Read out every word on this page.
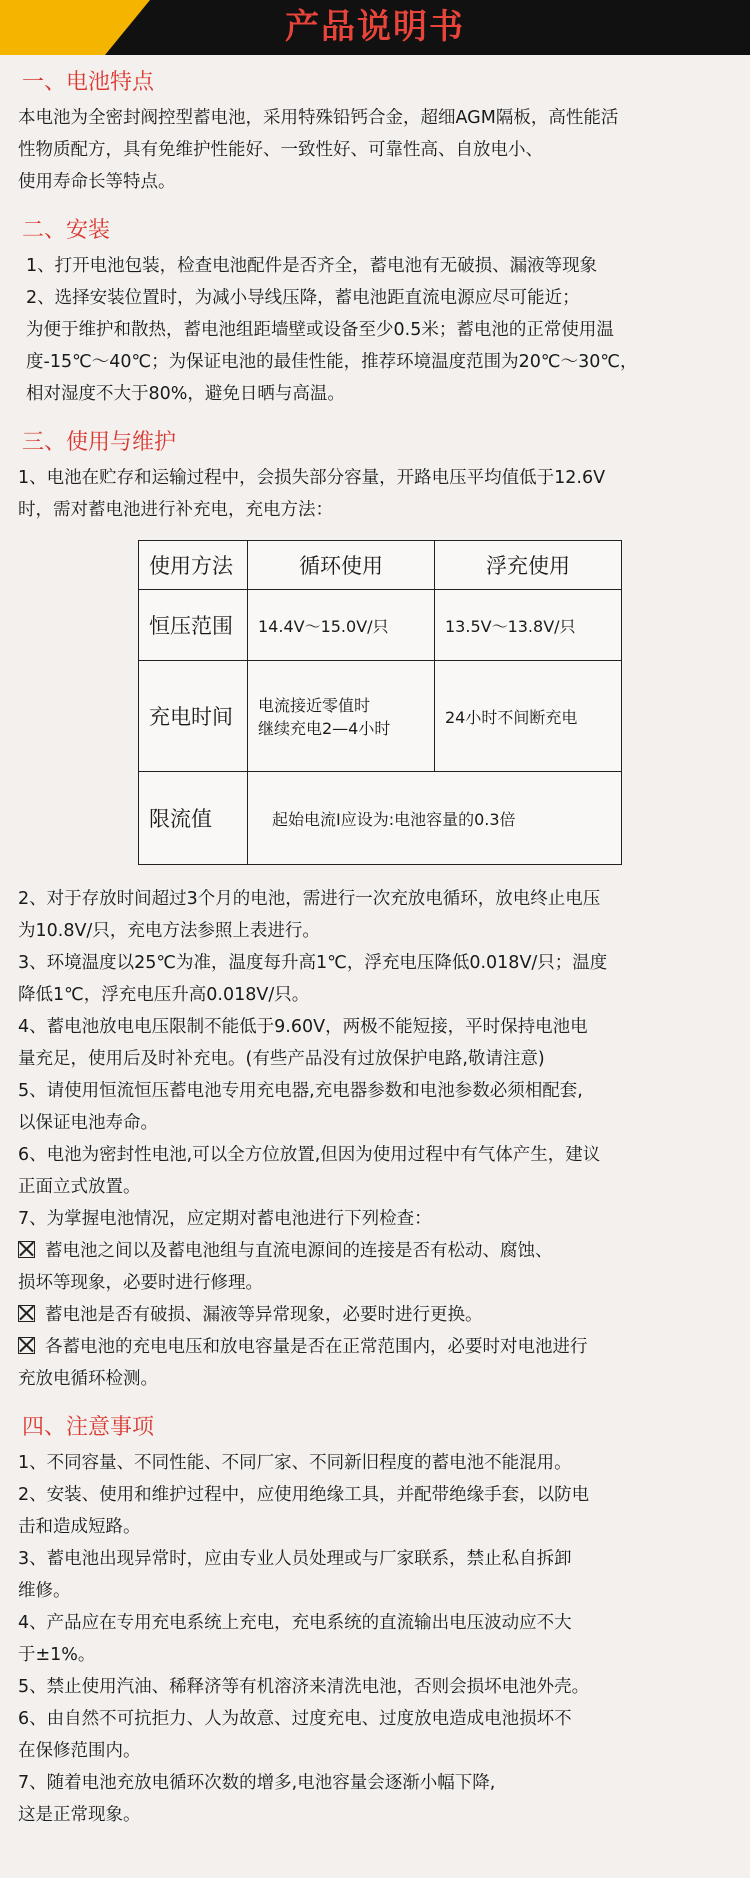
产品说明书
一、电池特点

本电池为全密封阀控型蓄电池，采用特殊铅钙合金，超细AGM隔板，高性能活

性物质配方，具有免维护性能好、一致性好、可靠性高、自放电小、

使用寿命长等特点。

二、安装

1、打开电池包装，检查电池配件是否齐全，蓄电池有无破损、漏液等现象

2、选择安装位置时，为减小导线压降，蓄电池距直流电源应尽可能近；

为便于维护和散热，蓄电池组距墙壁或设备至少0.5米；蓄电池的正常使用温

度-15℃～40℃；为保证电池的最佳性能，推荐环境温度范围为20℃～30℃，

相对湿度不大于80%，避免日晒与高温。

三、使用与维护

1、电池在贮存和运输过程中，会损失部分容量，开路电压平均值低于12.6V

时，需对蓄电池进行补充电，充电方法：

使用方法	循环使用	浮充使用
恒压范围	14.4V～15.0V/只	13.5V～13.8V/只
充电时间	电流接近零值时
继续充电2—4小时	24小时不间断充电
限流值	起始电流I应设为:电池容量的0.3倍	

2、对于存放时间超过3个月的电池，需进行一次充放电循环，放电终止电压

为10.8V/只，充电方法参照上表进行。

3、环境温度以25℃为准，温度每升高1℃，浮充电压降低0.018V/只；温度

降低1℃，浮充电压升高0.018V/只。

4、蓄电池放电电压限制不能低于9.60V，两极不能短接，平时保持电池电

量充足，使用后及时补充电。(有些产品没有过放保护电路,敬请注意)

5、请使用恒流恒压蓄电池专用充电器,充电器参数和电池参数必须相配套,

以保证电池寿命。

6、电池为密封性电池,可以全方位放置,但因为使用过程中有气体产生，建议

正面立式放置。

7、为掌握电池情况，应定期对蓄电池进行下列检查：

蓄电池之间以及蓄电池组与直流电源间的连接是否有松动、腐蚀、

损坏等现象，必要时进行修理。

蓄电池是否有破损、漏液等异常现象，必要时进行更换。

各蓄电池的充电电压和放电容量是否在正常范围内，必要时对电池进行

充放电循环检测。

四、注意事项

1、不同容量、不同性能、不同厂家、不同新旧程度的蓄电池不能混用。

2、安装、使用和维护过程中，应使用绝缘工具，并配带绝缘手套，以防电

击和造成短路。

3、蓄电池出现异常时，应由专业人员处理或与厂家联系，禁止私自拆卸

维修。

4、产品应在专用充电系统上充电，充电系统的直流输出电压波动应不大

于±1%。

5、禁止使用汽油、稀释济等有机溶济来清洗电池，否则会损坏电池外壳。

6、由自然不可抗拒力、人为故意、过度充电、过度放电造成电池损坏不

在保修范围内。

7、随着电池充放电循环次数的增多,电池容量会逐渐小幅下降,

这是正常现象。
